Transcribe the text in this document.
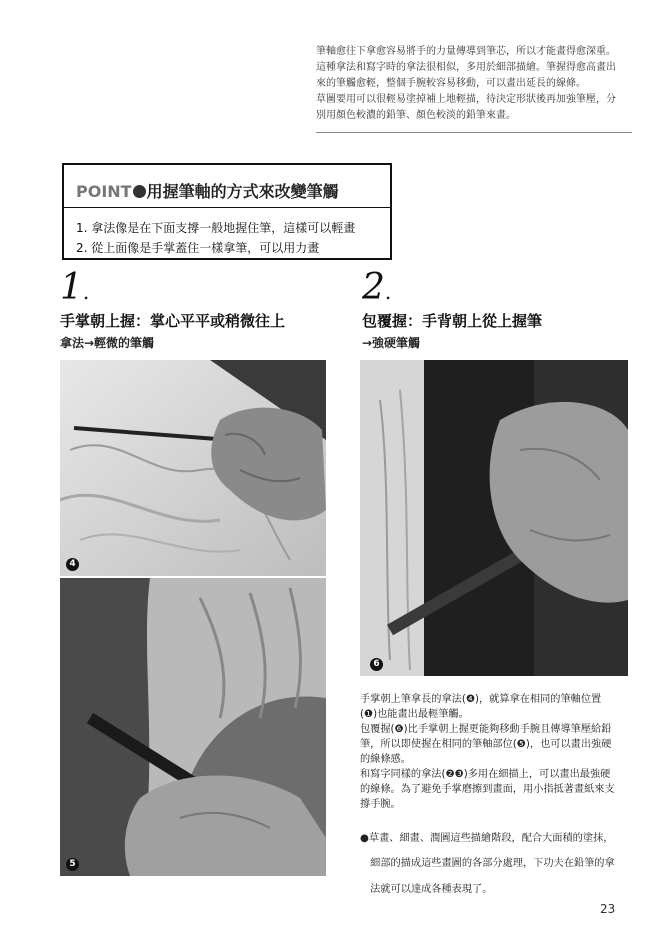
筆軸愈往下拿愈容易將手的力量傳導到筆芯，所以才能畫得愈深重。

這種拿法和寫字時的拿法很相似，多用於細部描繪。筆握得愈高畫出

來的筆觸愈輕，整個手腕較容易移動，可以畫出延長的線條。

草圖要用可以很輕易塗掉補上地輕描，待決定形狀後再加強筆壓，分

別用顏色較濃的鉛筆、顏色較淡的鉛筆來畫。

POINT 用握筆軸的方式來改變筆觸
1. 拿法像是在下面支撐一般地握住筆，這樣可以輕畫
2. 從上面像是手掌蓋住一樣拿筆，可以用力畫
1.
手掌朝上握：掌心平平或稍微往上
拿法→輕微的筆觸
2.
包覆握：手背朝上從上握筆
→強硬筆觸
4
5
6

手掌朝上筆拿長的拿法(❹)，就算拿在相同的筆軸位置

(❶)也能畫出最輕筆觸。

包覆握(❻)比手掌朝上握更能夠移動手腕且傳導筆壓給鉛

筆，所以即使握在相同的筆軸部位(❺)，也可以畫出強硬

的線條感。

和寫字同樣的拿法(❷❸)多用在細描上，可以畫出最強硬

的線條。為了避免手掌磨擦到畫面，用小指抵著畫紙來支

撐手腕。

●草畫、細畫、潤圖這些描繪階段，配合大面積的塗抹，

　細部的描成這些畫圖的各部分處理，下功夫在鉛筆的拿

　法就可以達成各種表現了。

23
